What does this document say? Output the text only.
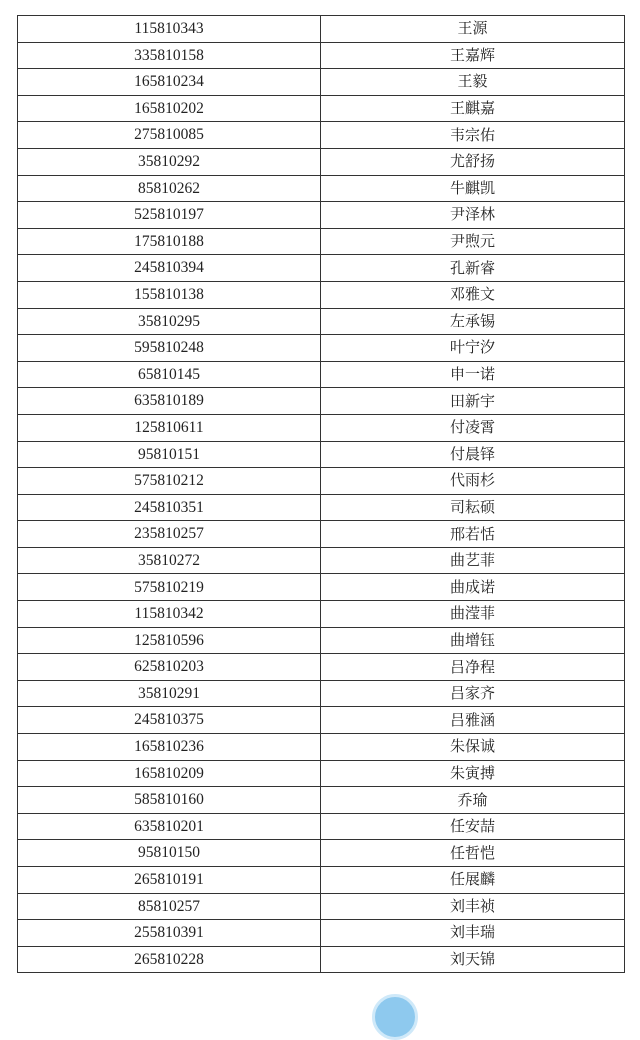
115810343	王源
335810158	王嘉辉
165810234	王毅
165810202	王麒嘉
275810085	韦宗佑
35810292	尤舒扬
85810262	牛麒凯
525810197	尹泽林
175810188	尹煦元
245810394	孔新睿
155810138	邓雅文
35810295	左承锡
595810248	叶宁汐
65810145	申一诺
635810189	田新宇
125810611	付凌霄
95810151	付晨铎
575810212	代雨杉
245810351	司耘硕
235810257	邢若恬
35810272	曲艺菲
575810219	曲成诺
115810342	曲滢菲
125810596	曲增钰
625810203	吕净程
35810291	吕家齐
245810375	吕雅涵
165810236	朱保诚
165810209	朱寅搏
585810160	乔瑜
635810201	任安喆
95810150	任哲恺
265810191	任展麟
85810257	刘丰祯
255810391	刘丰瑞
265810228	刘天锦
